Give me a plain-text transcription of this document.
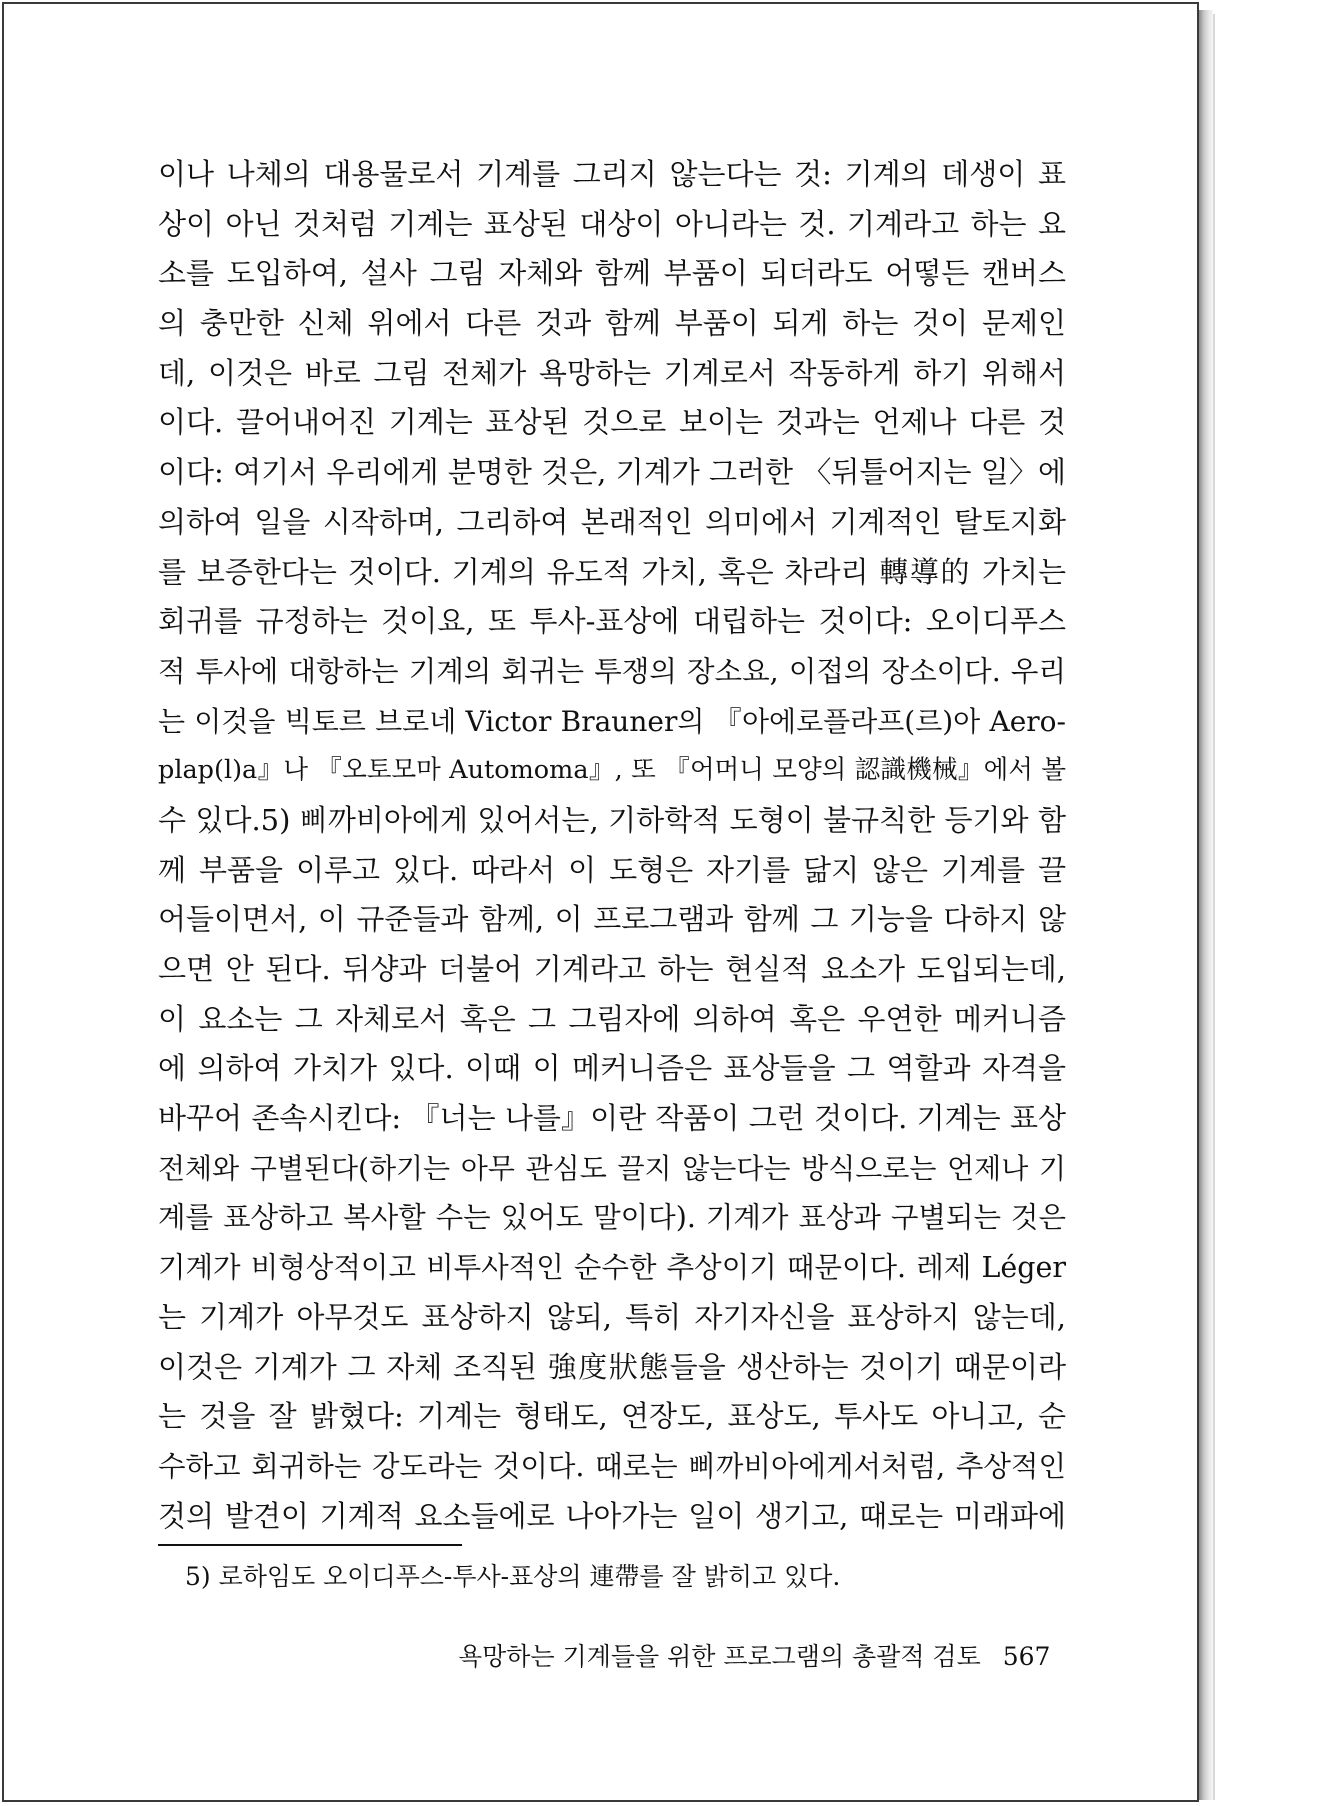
이나 나체의 대용물로서 기계를 그리지 않는다는 것: 기계의 데생이 표
상이 아닌 것처럼 기계는 표상된 대상이 아니라는 것. 기계라고 하는 요
소를 도입하여, 설사 그림 자체와 함께 부품이 되더라도 어떻든 캔버스
의 충만한 신체 위에서 다른 것과 함께 부품이 되게 하는 것이 문제인
데, 이것은 바로 그림 전체가 욕망하는 기계로서 작동하게 하기 위해서
이다. 끌어내어진 기계는 표상된 것으로 보이는 것과는 언제나 다른 것
이다: 여기서 우리에게 분명한 것은, 기계가 그러한 〈뒤틀어지는 일〉에
의하여 일을 시작하며, 그리하여 본래적인 의미에서 기계적인 탈토지화
를 보증한다는 것이다. 기계의 유도적 가치, 혹은 차라리 轉導的 가치는
회귀를 규정하는 것이요, 또 투사-표상에 대립하는 것이다: 오이디푸스
적 투사에 대항하는 기계의 회귀는 투쟁의 장소요, 이접의 장소이다. 우리
는 이것을 빅토르 브로네 Victor Brauner의 『아에로플라프(르)아 Aero-
plap(l)a』나 『오토모마 Automoma』, 또 『어머니 모양의 認識機械』에서 볼
수 있다.5) 삐까비아에게 있어서는, 기하학적 도형이 불규칙한 등기와 함
께 부품을 이루고 있다. 따라서 이 도형은 자기를 닮지 않은 기계를 끌
어들이면서, 이 규준들과 함께, 이 프로그램과 함께 그 기능을 다하지 않
으면 안 된다. 뒤샹과 더불어 기계라고 하는 현실적 요소가 도입되는데,
이 요소는 그 자체로서 혹은 그 그림자에 의하여 혹은 우연한 메커니즘
에 의하여 가치가 있다. 이때 이 메커니즘은 표상들을 그 역할과 자격을
바꾸어 존속시킨다: 『너는 나를』이란 작품이 그런 것이다. 기계는 표상
전체와 구별된다(하기는 아무 관심도 끌지 않는다는 방식으로는 언제나 기
계를 표상하고 복사할 수는 있어도 말이다). 기계가 표상과 구별되는 것은
기계가 비형상적이고 비투사적인 순수한 추상이기 때문이다. 레제 Léger
는 기계가 아무것도 표상하지 않되, 특히 자기자신을 표상하지 않는데,
이것은 기계가 그 자체 조직된 強度狀態들을 생산하는 것이기 때문이라
는 것을 잘 밝혔다: 기계는 형태도, 연장도, 표상도, 투사도 아니고, 순
수하고 회귀하는 강도라는 것이다. 때로는 삐까비아에게서처럼, 추상적인
것의 발견이 기계적 요소들에로 나아가는 일이 생기고, 때로는 미래파에
5) 로하임도 오이디푸스-투사-표상의 連帶를 잘 밝히고 있다.
욕망하는 기계들을 위한 프로그램의 총괄적 검토 567
